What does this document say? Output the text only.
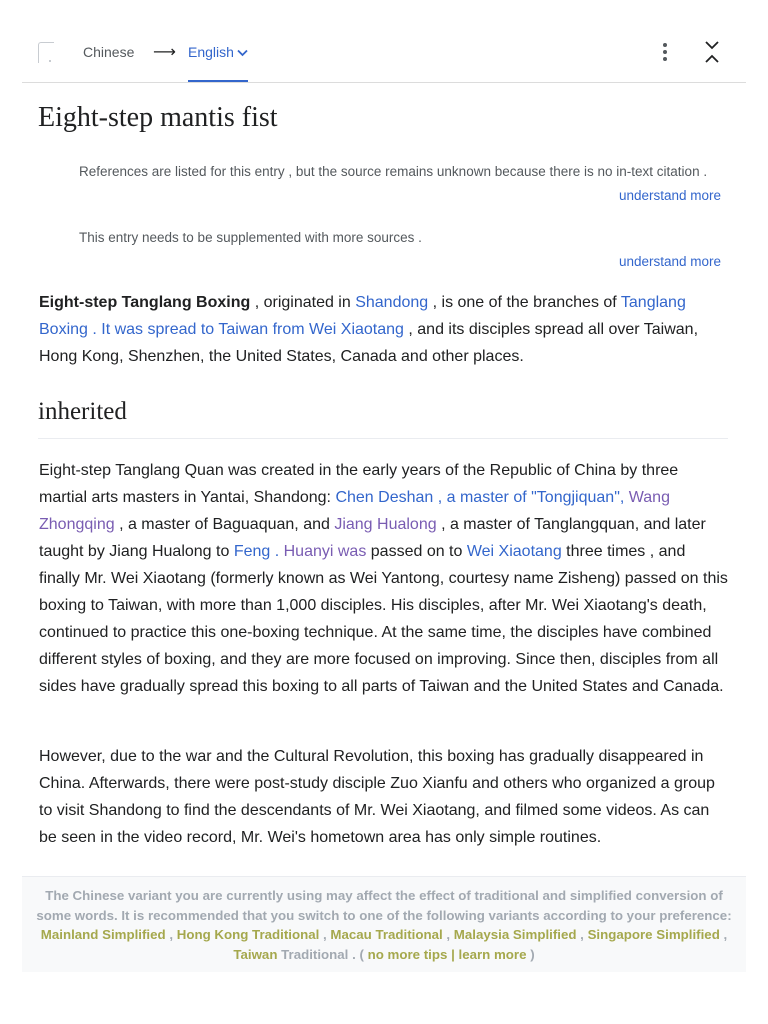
Chinese ⟶ English
Eight-step mantis fist
References are listed for this entry , but the source remains unknown because there is no in-text citation .
understand more
This entry needs to be supplemented with more sources .
understand more

Eight-step Tanglang Boxing , originated in Shandong , is one of the branches of Tanglang Boxing . It was spread to Taiwan from Wei Xiaotang , and its disciples spread all over Taiwan, Hong Kong, Shenzhen, the United States, Canada and other places.

inherited

Eight-step Tanglang Quan was created in the early years of the Republic of China by three martial arts masters in Yantai, Shandong: Chen Deshan , a master of "Tongjiquan", Wang Zhongqing , a master of Baguaquan, and Jiang Hualong , a master of Tanglangquan, and later taught by Jiang Hualong to Feng . Huanyi was passed on to Wei Xiaotang three times , and finally Mr. Wei Xiaotang (formerly known as Wei Yantong, courtesy name Zisheng) passed on this boxing to Taiwan, with more than 1,000 disciples. His disciples, after Mr. Wei Xiaotang's death, continued to practice this one-boxing technique. At the same time, the disciples have combined different styles of boxing, and they are more focused on improving. Since then, disciples from all sides have gradually spread this boxing to all parts of Taiwan and the United States and Canada.

However, due to the war and the Cultural Revolution, this boxing has gradually disappeared in China. Afterwards, there were post-study disciple Zuo Xianfu and others who organized a group to visit Shandong to find the descendants of Mr. Wei Xiaotang, and filmed some videos. As can be seen in the video record, Mr. Wei's hometown area has only simple routines.

The Chinese variant you are currently using may affect the effect of traditional and simplified conversion of some words. It is recommended that you switch to one of the following variants according to your preference: Mainland Simplified , Hong Kong Traditional , Macau Traditional , Malaysia Simplified , Singapore Simplified , Taiwan Traditional . ( no more tips | learn more )
